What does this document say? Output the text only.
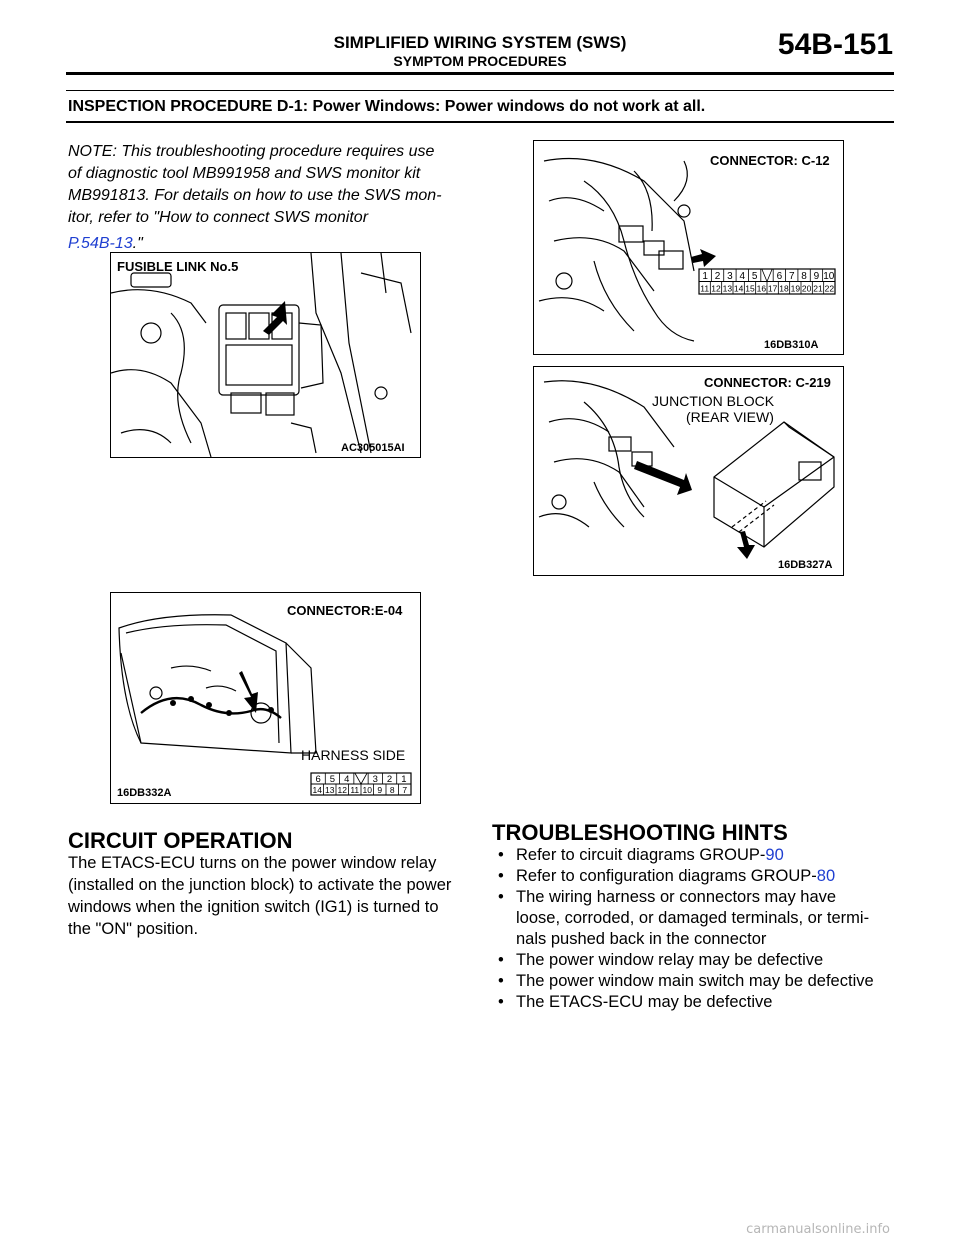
SIMPLIFIED WIRING SYSTEM (SWS)
SYMPTOM PROCEDURES	54B-151
INSPECTION PROCEDURE D-1: Power Windows: Power windows do not work at all.
NOTE: This troubleshooting procedure requires use
of diagnostic tool MB991958 and SWS monitor kit
MB991813. For details on how to use the SWS mon-
itor, refer to "How to connect SWS monitor
P.54B-13."
FUSIBLE LINK No.5
AC305015AI
CONNECTOR: C-12
16DB310A
1 2 3 4 5 6 7 8 9 10
11 12 13 14 15 16 17 18 19 20 21 22
CONNECTOR: C-219
JUNCTION BLOCK
(REAR VIEW)
16DB327A
CONNECTOR:E-04
HARNESS SIDE
16DB332A
6 5 4 3 2 1
14 13 12 11 10 9 8 7
CIRCUIT OPERATION
The ETACS-ECU turns on the power window relay
(installed on the junction block) to activate the power
windows when the ignition switch (IG1) is turned to
the "ON" position.
TROUBLESHOOTING HINTS
• Refer to circuit diagrams GROUP-90
• Refer to configuration diagrams GROUP-80
• The wiring harness or connectors may have
loose, corroded, or damaged terminals, or termi-
nals pushed back in the connector
• The power window relay may be defective
• The power window main switch may be defective
• The ETACS-ECU may be defective
carmanualsonline.info
